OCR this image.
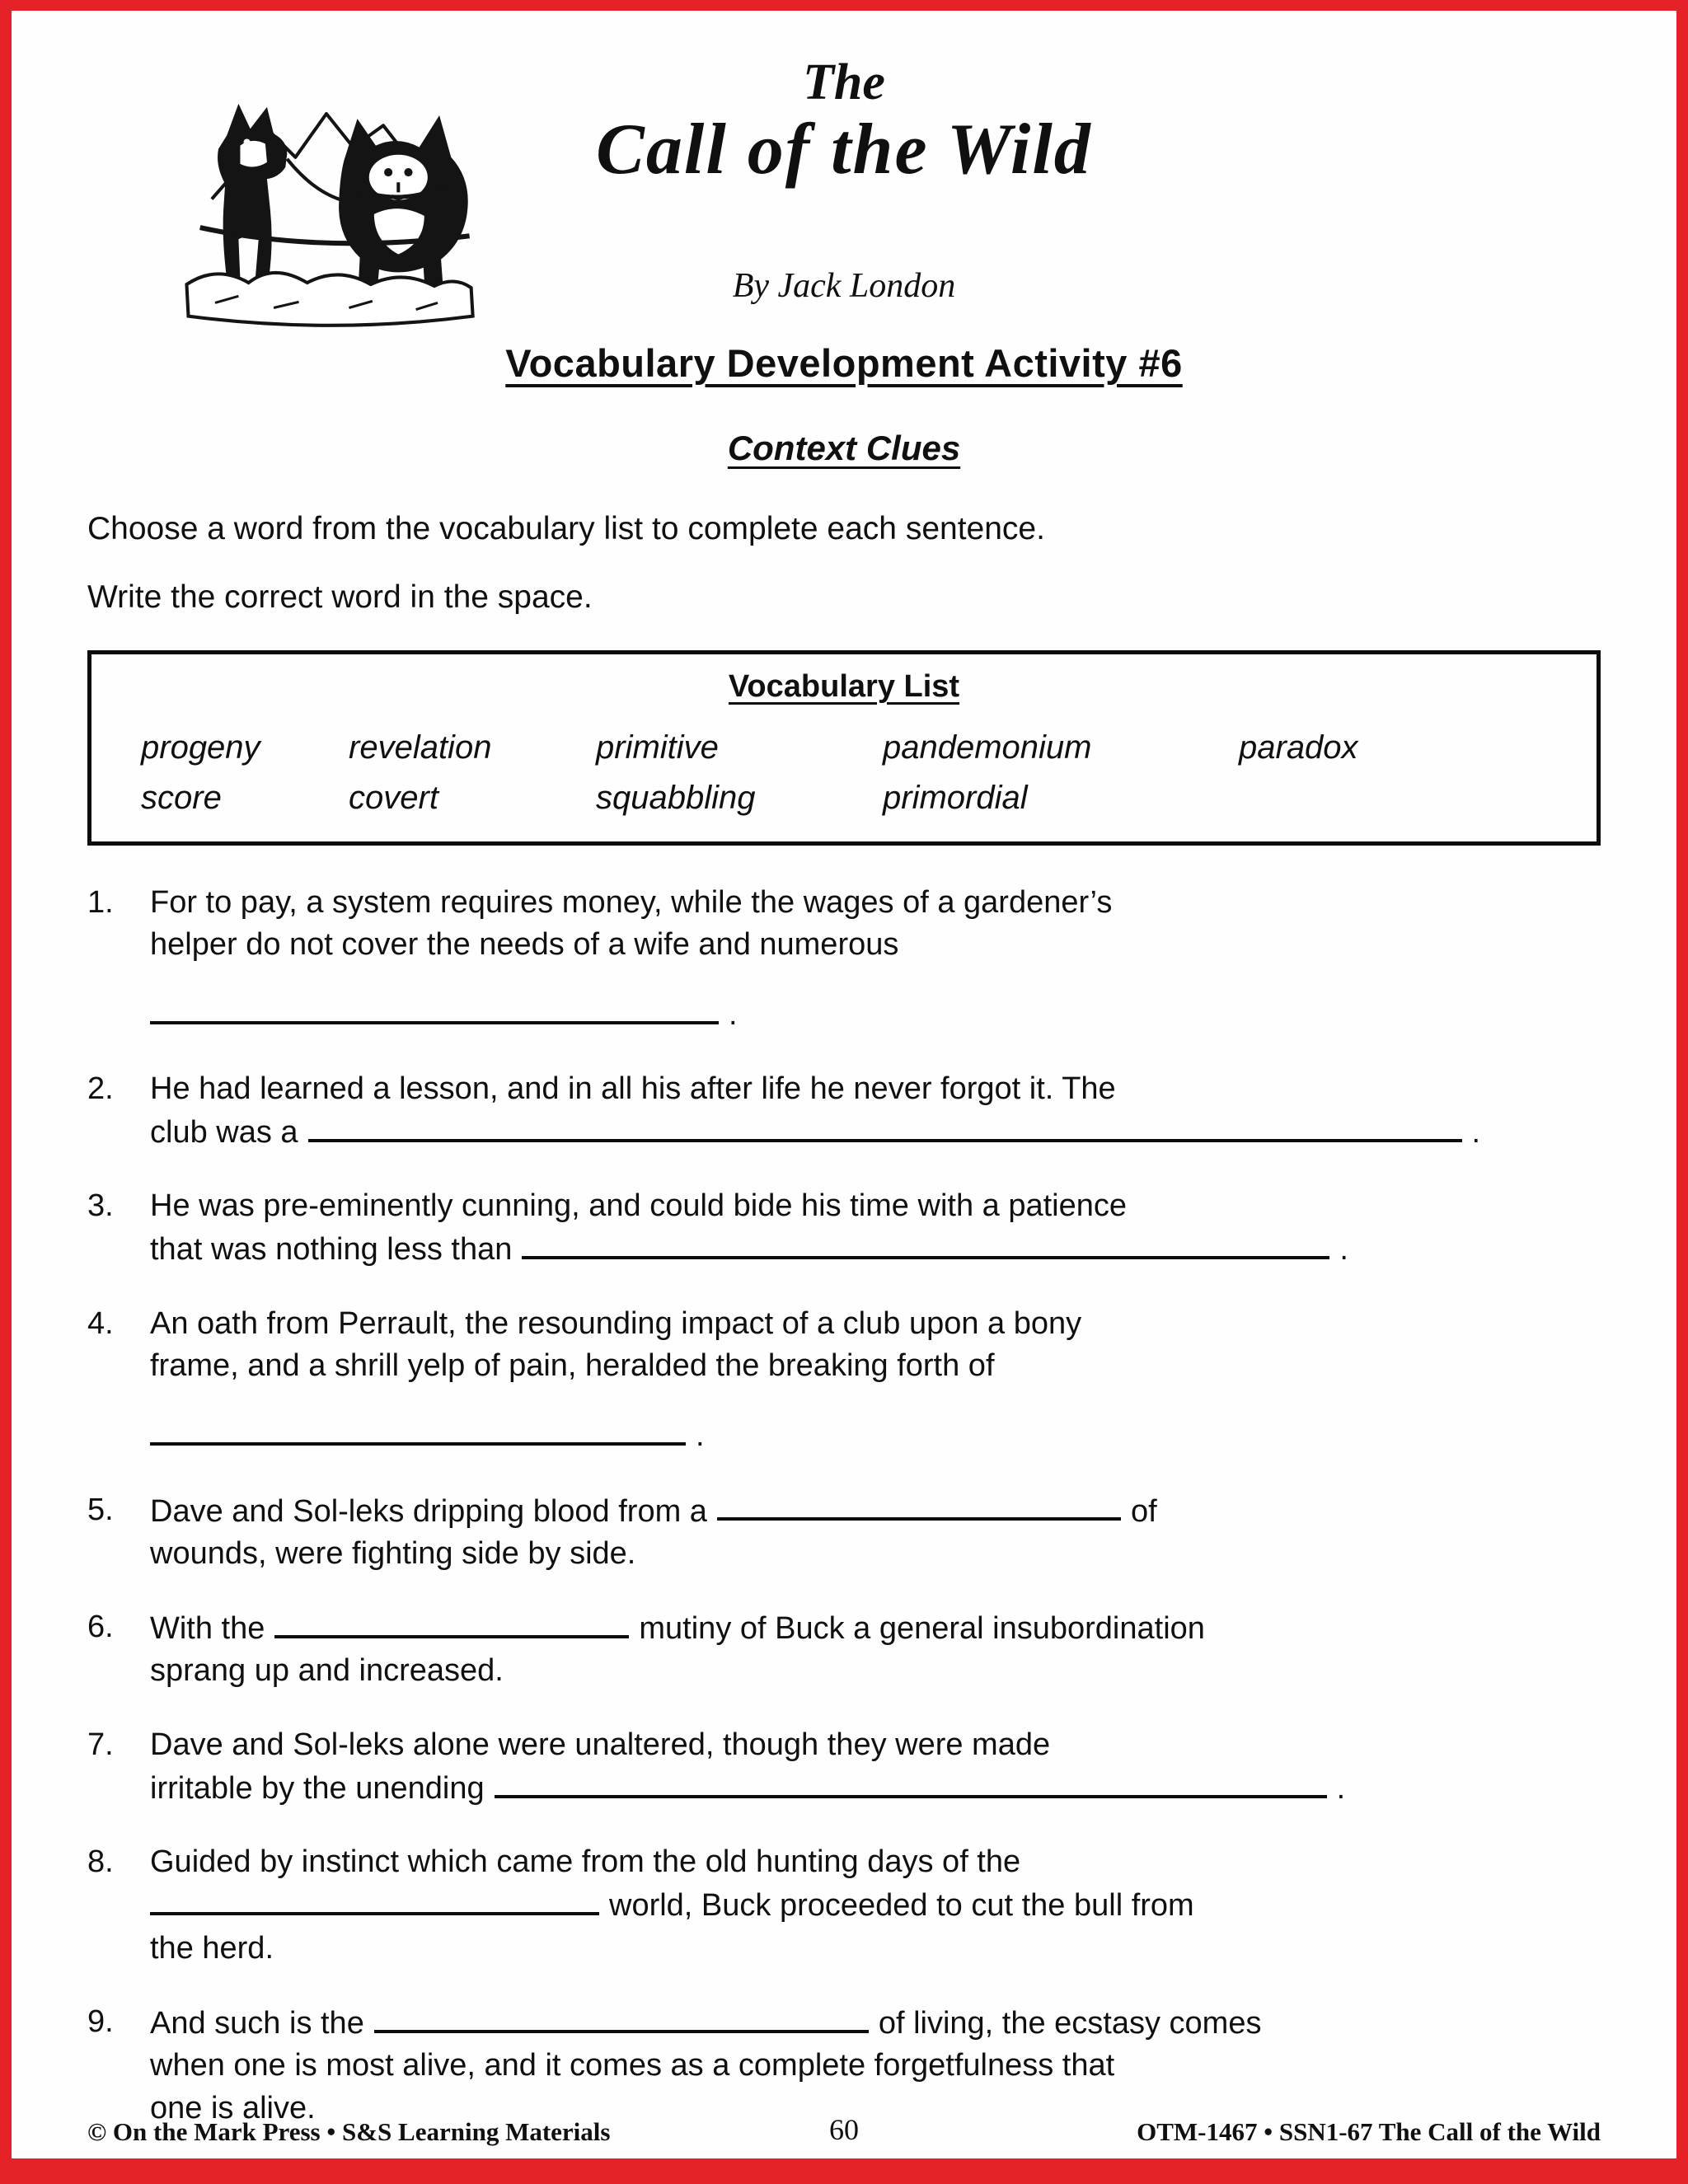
The
Call of the Wild
By Jack London
Vocabulary Development Activity #6
Context Clues

Choose a word from the vocabulary list to complete each sentence.

Write the correct word in the space.

Vocabulary List
progeny	revelation	primitive	pandemonium	paradox
score	covert	squabbling	primordial
1.	For to pay, a system requires money, while the wages of a gardener’s
helper do not cover the needs of a wife and numerous
.
2.	He had learned a lesson, and in all his after life he never forgot it. The
club was a	.
3.	He was pre-eminently cunning, and could bide his time with a patience
that was nothing less than	.
4.	An oath from Perrault, the resounding impact of a club upon a bony
frame, and a shrill yelp of pain, heralded the breaking forth of
.
5.	Dave and Sol-leks dripping blood from a	of
wounds, were fighting side by side.
6.	With the	mutiny of Buck a general insubordination
sprang up and increased.
7.	Dave and Sol-leks alone were unaltered, though they were made
irritable by the unending	.
8.	Guided by instinct which came from the old hunting days of the
world, Buck proceeded to cut the bull from
the herd.
9.	And such is the	of living, the ecstasy comes
when one is most alive, and it comes as a complete forgetfulness that
one is alive.
© On the Mark Press • S&S Learning Materials	60	OTM-1467 • SSN1-67 The Call of the Wild
